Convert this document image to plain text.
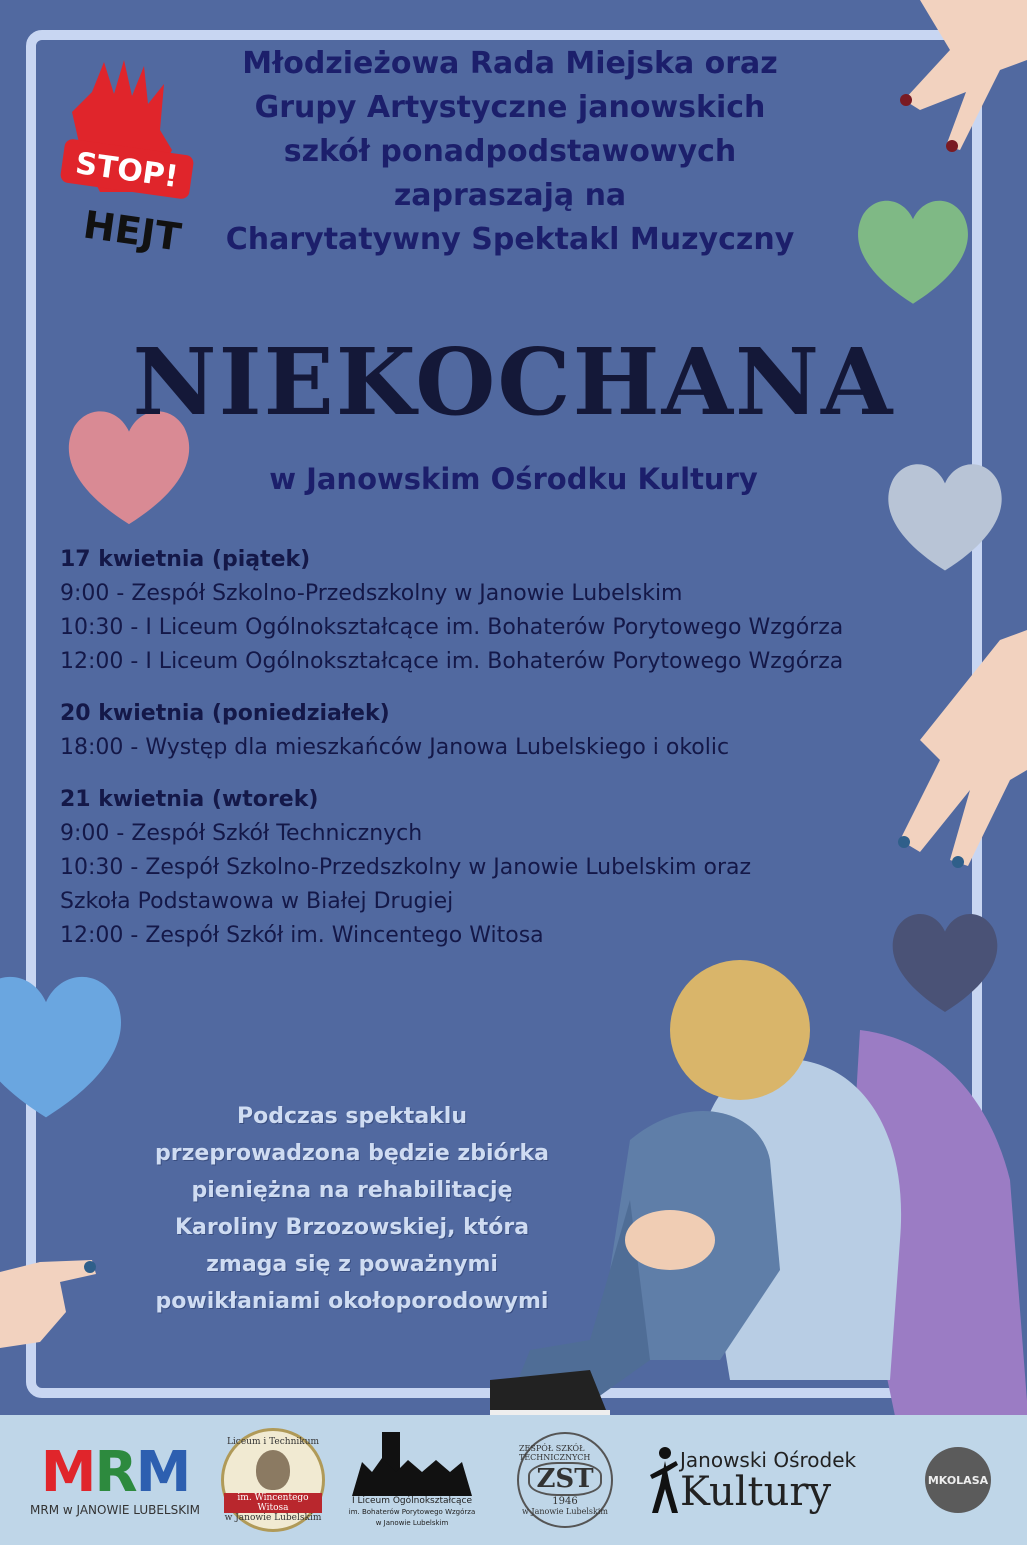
STOP!
HEJT
Młodzieżowa Rada Miejska oraz
Grupy Artystyczne janowskich
szkół ponadpodstawowych
zapraszają na
Charytatywny Spektakl Muzyczny
NIEKOCHANA
w Janowskim Ośrodku Kultury
17 kwietnia (piątek)
9:00 - Zespół Szkolno-Przedszkolny w Janowie Lubelskim
10:30 - I Liceum Ogólnokształcące im. Bohaterów Porytowego Wzgórza
12:00 - I Liceum Ogólnokształcące im. Bohaterów Porytowego Wzgórza
20 kwietnia (poniedziałek)
18:00 - Występ dla mieszkańców Janowa Lubelskiego i okolic
21 kwietnia (wtorek)
9:00 - Zespół Szkół Technicznych
10:30 - Zespół Szkolno-Przedszkolny w Janowie Lubelskim oraz
Szkoła Podstawowa w Białej Drugiej
12:00 - Zespół Szkół im. Wincentego Witosa
Podczas spektaklu
przeprowadzona będzie zbiórka
pieniężna na rehabilitację
Karoliny Brzozowskiej, która
zmaga się z poważnymi
powikłaniami okołoporodowymi
MRM
MRM w JANOWIE LUBELSKIM
Liceum i Technikum
im. Wincentego Witosa
w Janowie Lubelskim
I Liceum Ogólnokształcące
im. Bohaterów Porytowego Wzgórza
w Janowie Lubelskim
ZESPÓŁ SZKÓŁ TECHNICZNYCH
ZST
1946
w Janowie Lubelskim
Janowski Ośrodek
Kultury	MKOLASA
